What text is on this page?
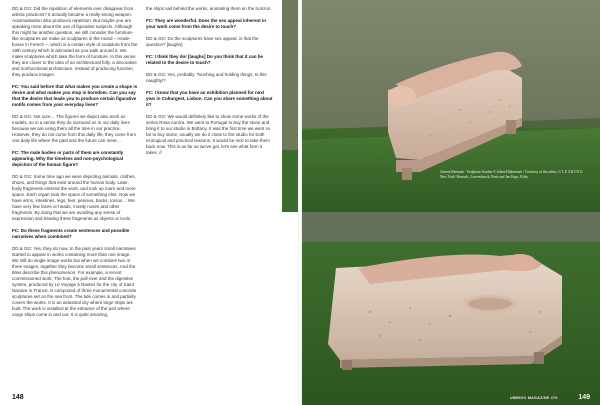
DD & GG: Did the repetition of elements ever disappear from artistic practices? It actually became a really strong weapon. Automatisation also produces repetition. But maybe you are speaking more about the use of figurative subjects. Although this might be another question, we still consider the furniture-like sculptures we make as sculptures in the round – ronde-bosse in French –, which is a certain style of sculpture from the 19th century which is animated as you walk around it. We make sculptures which take the form of furniture. In this sense they are closer to the idea of an architectural folly, a decorative and nonfunctional architecture. Instead of producing function, they produce images.

FC: You said before that what makes you create a shape is desire and what makes you stop is boredom. Can you say that the desire that leads you to produce certain figurative motifs comes from your everyday lives?

DD & GG: Not sure… The figures we depict also work as models, so in a sense they do surround us in our daily lives because we are using them all the time in our practice. However, they do not come from this daily life, they come from one daily life where the past and the future can meet…

FC: The male bodies or parts of them are constantly appearing. Why the timeless and non-psychological depiction of the human figure?

DD & GG: Some time ago we were depicting animals, clothes, shoes, and things that exist around the human body. Later, body fragments entered the work, and took up more and more space. Each organ took the space of something else. Now we have arms, intestines, legs, feet, penises, backs, torsos… We have very few faces or heads, mostly noses and other fragments. By doing that we are avoiding any sense of expression and treating these fragments as objects or tools.

FC: Do these fragments create sentences and possible narratives when combined?

DD & GG: Yes, they do now. In the past years small narratives started to appear in works containing more than one image. We still do single image works but when we combine two or three images, together they become small sentences. And the titles describe this phenomenon. For example, a recent commissioned work, The foot, the pull-over and the digestive system, produced by Le Voyage à Nantes for the city of Saint Nazaire in France, is composed of three monumental concrete sculptures set on the sea front. The tide comes in and partially covers the works. It is an industrial city where large ships are built. The work is installed at the entrance of the port where cargo ships come in and out. It is quite amazing,

the ships sail behind the works, animating them on the horizon.

FC: They are wonderful. Does the sex appeal inherent in your work come from the desire to touch?

DD & GG: Do the sculptures have sex appeal, is that the question? [laughs]

FC: I think they do! [laughs] Do you think that it can be related to the desire to touch?

DD & GG: Yes, probably. Touching and holding things. Is this naughty!?

FC: I know that you have an exhibition planned for next year in Culturgest, Lisbon. Can you share something about it?

DD & GG: We would definitely like to show some works of the series Rosa Aurora. We went to Portugal to buy the stone and bring it to our studio in Brittany. It was the first time we went so far to buy stone, usually we do it close to the studio for both ecological and practical reasons. It would be nice to take them back now. This is as far as we've got, let's see what form it takes. //

148
Genera Biennale - Sculpture Garden © Julien Dijkstrand. / Courtesy of the artists, C L E A R I N G New York/ Brussels, Loevenbruck, Paris and Jan Kaps, Köln.
UMBIGO MAGAZINE #76	149
